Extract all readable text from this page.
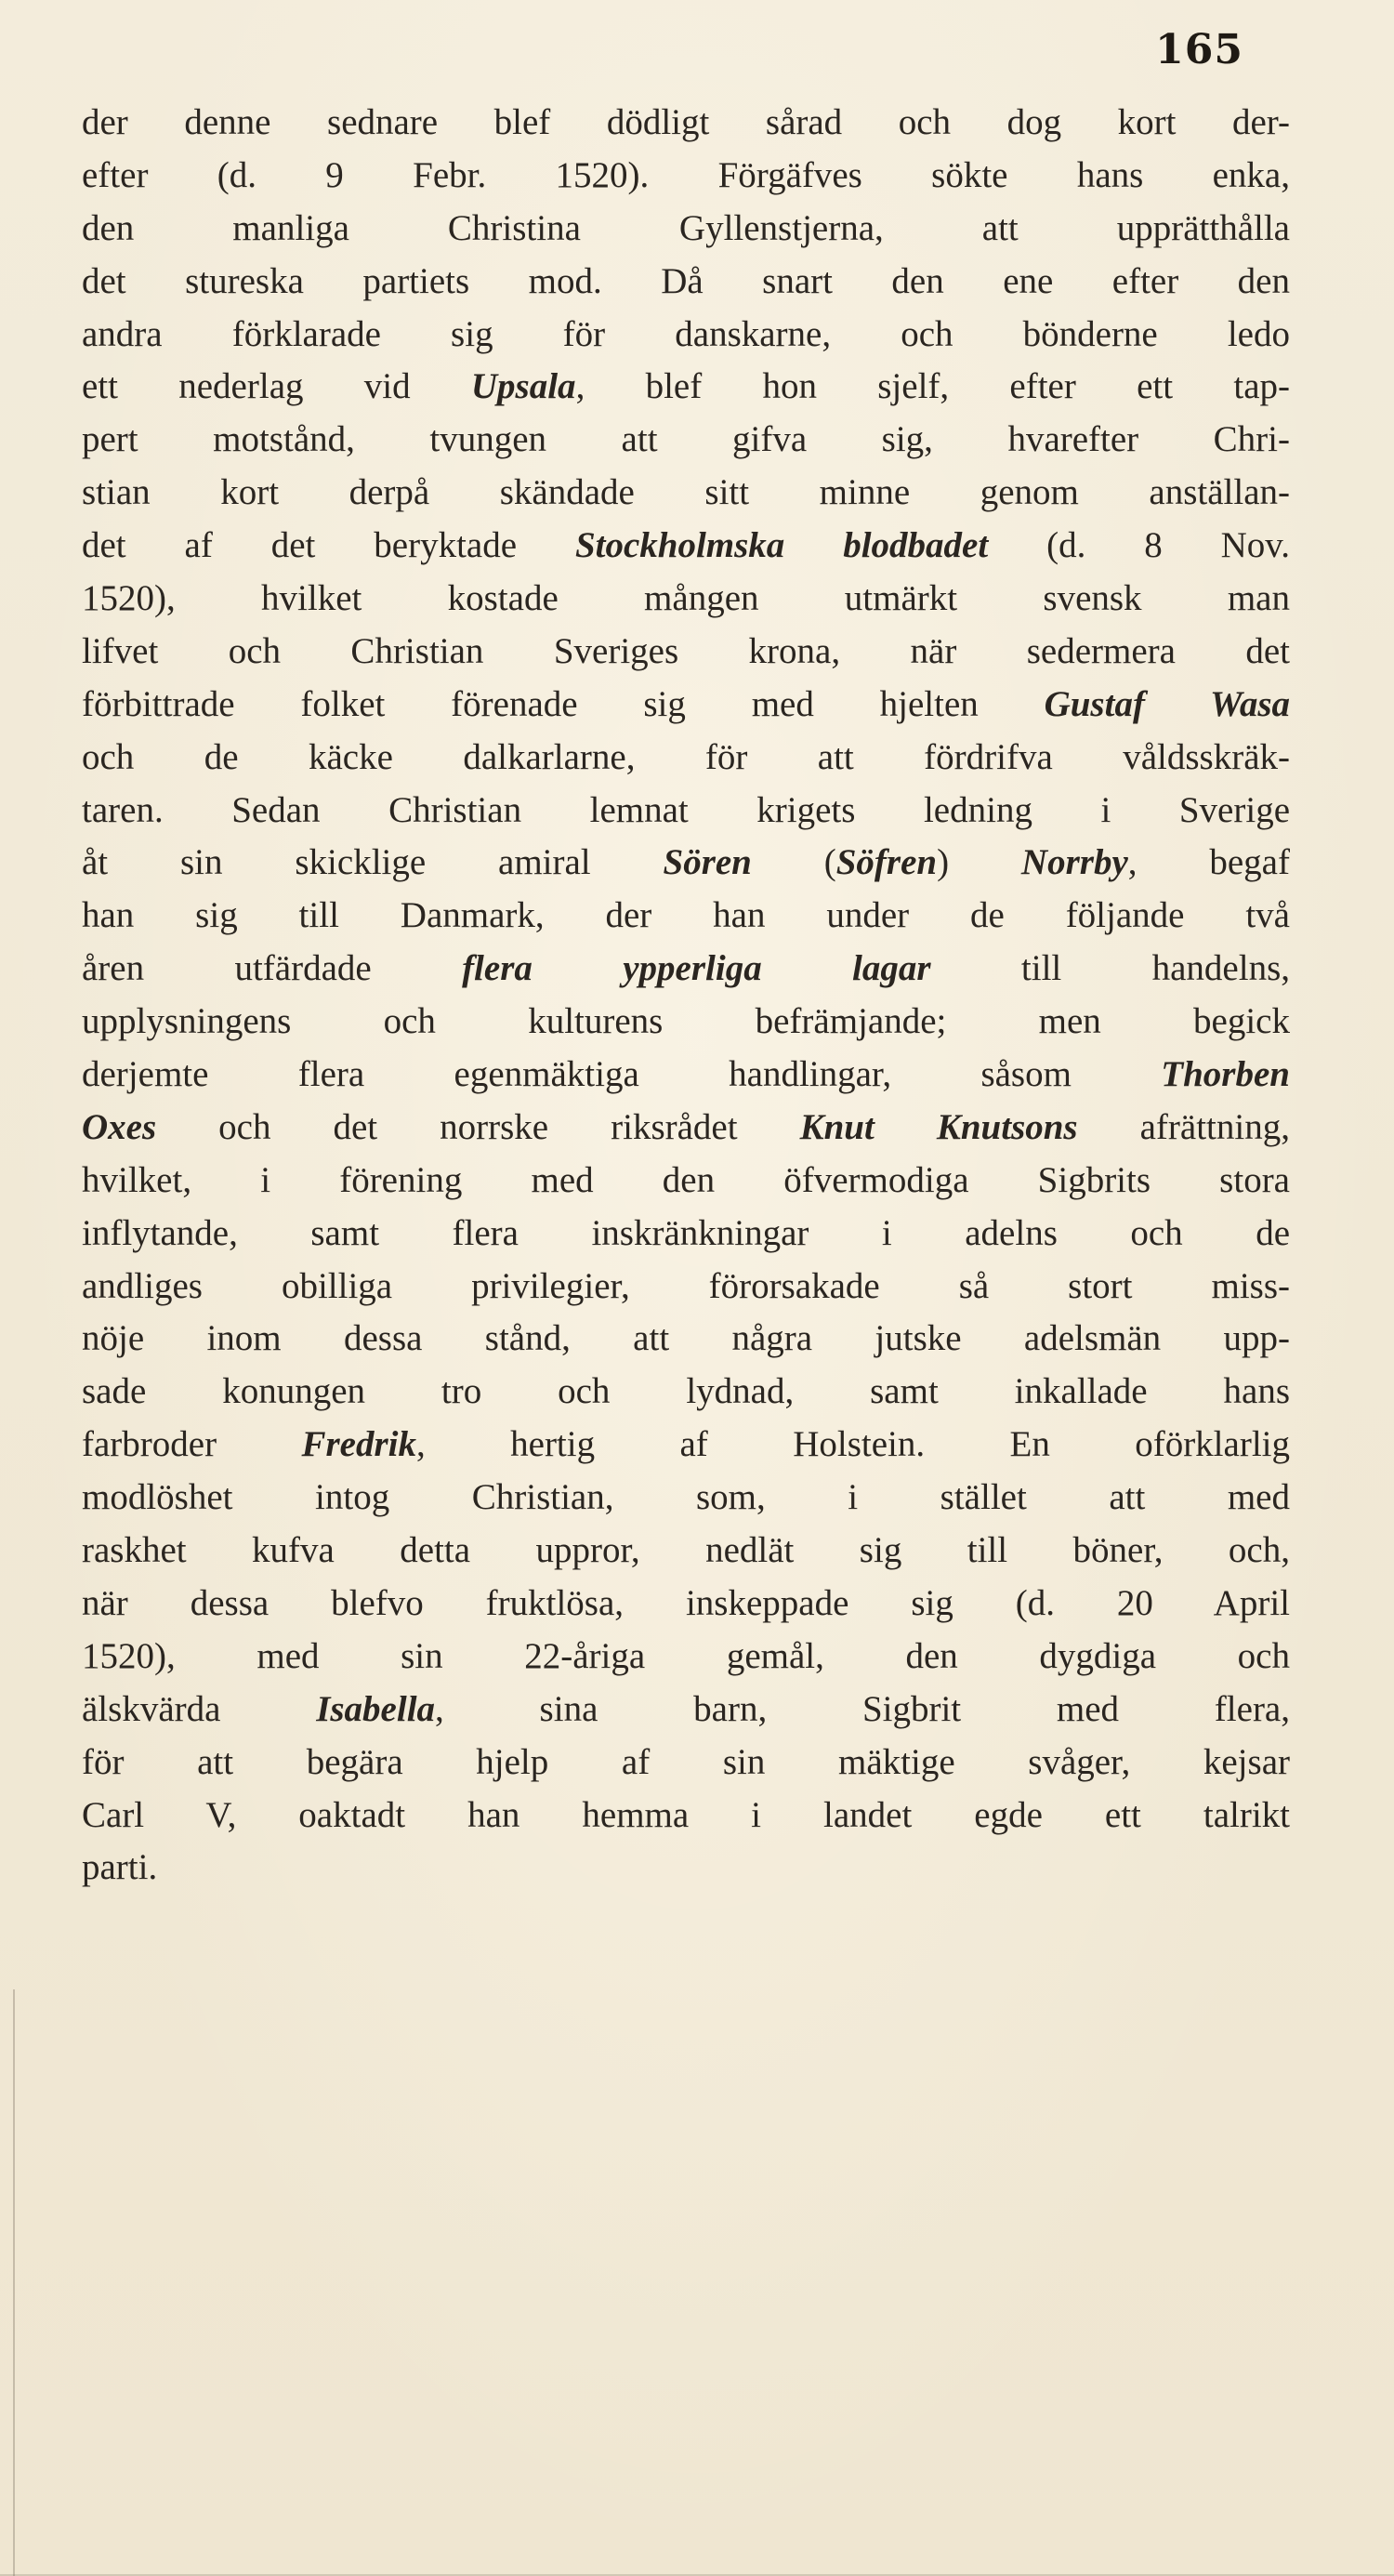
165
der denne sednare blef dödligt sårad och dog kort der-
efter (d. 9 Febr. 1520). Förgäfves sökte hans enka,
den manliga Christina Gyllenstjerna, att upprätthålla
det stureska partiets mod. Då snart den ene efter den
andra förklarade sig för danskarne, och bönderne ledo
ett nederlag vid Upsala, blef hon sjelf, efter ett tap-
pert motstånd, tvungen att gifva sig, hvarefter Chri-
stian kort derpå skändade sitt minne genom anställan-
det af det beryktade Stockholmska blodbadet (d. 8 Nov.
1520), hvilket kostade mången utmärkt svensk man
lifvet och Christian Sveriges krona, när sedermera det
förbittrade folket förenade sig med hjelten Gustaf Wasa
och de käcke dalkarlarne, för att fördrifva våldsskräk-
taren. Sedan Christian lemnat krigets ledning i Sverige
åt sin skicklige amiral Sören (Söfren) Norrby, begaf
han sig till Danmark, der han under de följande två
åren utfärdade flera ypperliga lagar till handelns,
upplysningens och kulturens befrämjande; men begick
derjemte flera egenmäktiga handlingar, såsom Thorben
Oxes och det norrske riksrådet Knut Knutsons afrättning,
hvilket, i förening med den öfvermodiga Sigbrits stora
inflytande, samt flera inskränkningar i adelns och de
andliges obilliga privilegier, förorsakade så stort miss-
nöje inom dessa stånd, att några jutske adelsmän upp-
sade konungen tro och lydnad, samt inkallade hans
farbroder Fredrik, hertig af Holstein. En oförklarlig
modlöshet intog Christian, som, i stället att med
raskhet kufva detta uppror, nedlät sig till böner, och,
när dessa blefvo fruktlösa, inskeppade sig (d. 20 April
1520), med sin 22-åriga gemål, den dygdiga och
älskvärda Isabella, sina barn, Sigbrit med flera,
för att begära hjelp af sin mäktige svåger, kejsar
Carl V, oaktadt han hemma i landet egde ett talrikt
parti.
